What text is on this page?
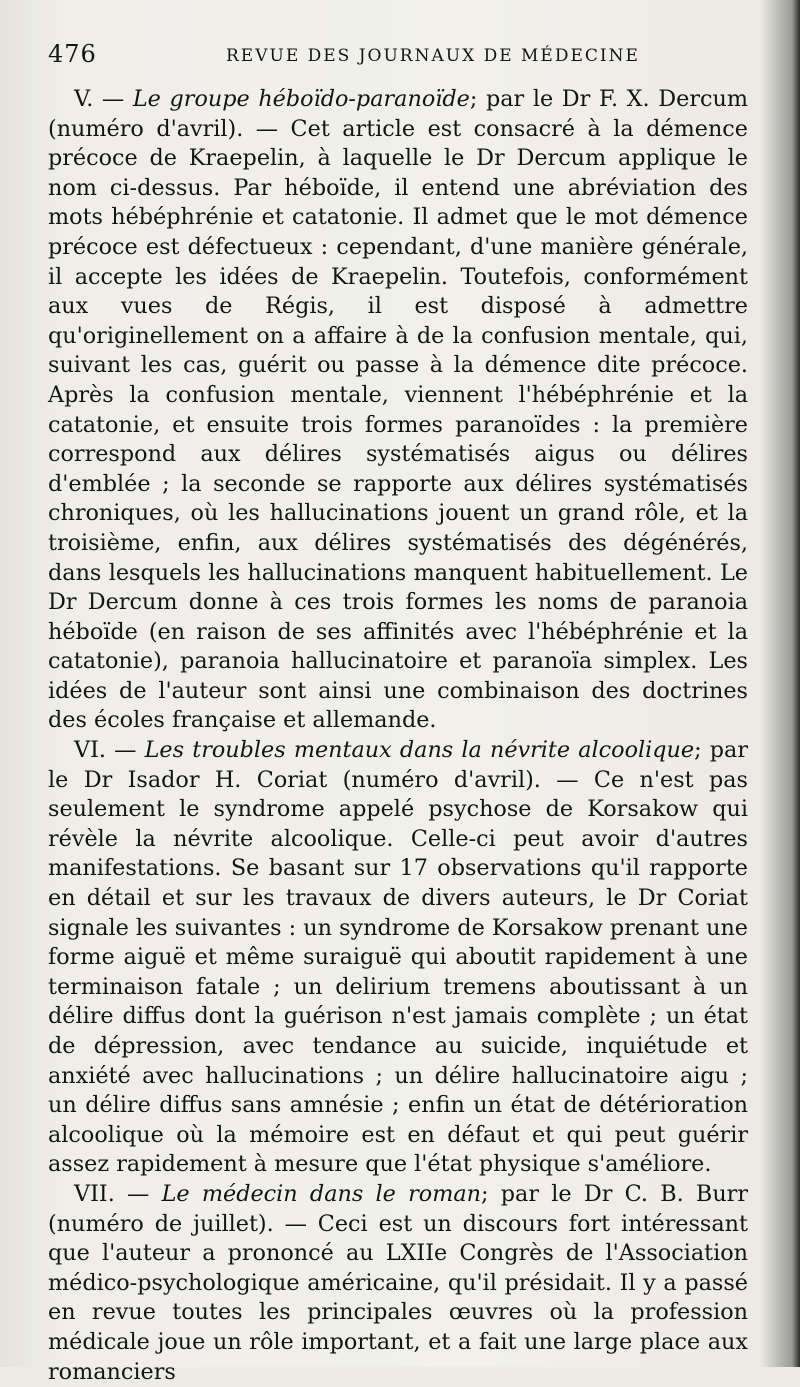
476	REVUE DES JOURNAUX DE MÉDECINE

V. — Le groupe héboïdo-paranoïde; par le Dr F. X. Dercum (numéro d'avril). — Cet article est consacré à la démence précoce de Kraepelin, à laquelle le Dr Dercum applique le nom ci-dessus. Par héboïde, il entend une abréviation des mots hébéphrénie et catatonie. Il admet que le mot démence précoce est défectueux : cependant, d'une manière générale, il accepte les idées de Kraepelin. Toutefois, conformément aux vues de Régis, il est disposé à admettre qu'originellement on a affaire à de la confusion mentale, qui, suivant les cas, guérit ou passe à la démence dite précoce. Après la confusion mentale, viennent l'hébéphrénie et la catatonie, et ensuite trois formes paranoïdes : la première correspond aux délires systématisés aigus ou délires d'emblée ; la seconde se rapporte aux délires systématisés chroniques, où les hallucinations jouent un grand rôle, et la troisième, enfin, aux délires systématisés des dégénérés, dans lesquels les hallucinations manquent habituellement. Le Dr Dercum donne à ces trois formes les noms de paranoia héboïde (en raison de ses affinités avec l'hébéphrénie et la catatonie), paranoia hallucinatoire et paranoïa simplex. Les idées de l'auteur sont ainsi une combinaison des doctrines des écoles française et allemande.

VI. — Les troubles mentaux dans la névrite alcoolique; par le Dr Isador H. Coriat (numéro d'avril). — Ce n'est pas seulement le syndrome appelé psychose de Korsakow qui révèle la névrite alcoolique. Celle-ci peut avoir d'autres manifestations. Se basant sur 17 observations qu'il rapporte en détail et sur les travaux de divers auteurs, le Dr Coriat signale les suivantes : un syndrome de Korsakow prenant une forme aiguë et même suraiguë qui aboutit rapidement à une terminaison fatale ; un delirium tremens aboutissant à un délire diffus dont la guérison n'est jamais complète ; un état de dépression, avec tendance au suicide, inquiétude et anxiété avec hallucinations ; un délire hallucinatoire aigu ; un délire diffus sans amnésie ; enfin un état de détérioration alcoolique où la mémoire est en défaut et qui peut guérir assez rapidement à mesure que l'état physique s'améliore.

VII. — Le médecin dans le roman; par le Dr C. B. Burr (numéro de juillet). — Ceci est un discours fort intéressant que l'auteur a prononcé au LXIIe Congrès de l'Association médico-psychologique américaine, qu'il présidait. Il y a passé en revue toutes les principales œuvres où la profession médicale joue un rôle important, et a fait une large place aux romanciers
